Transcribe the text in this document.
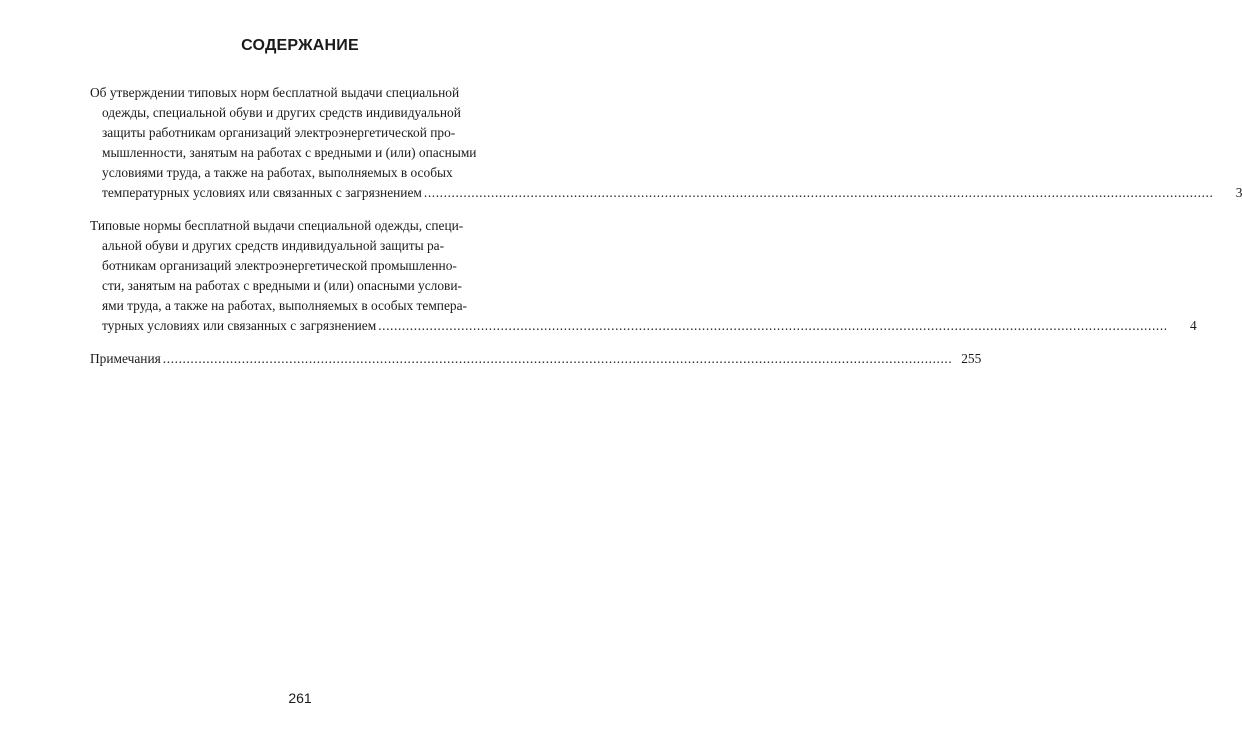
СОДЕРЖАНИЕ
Об утверждении типовых норм бесплатной выдачи специальной
одежды, специальной обуви и других средств индивидуальной
защиты работникам организаций электроэнергетической про-
мышленности, занятым на работах с вредными и (или) опасными
условиями труда, а также на работах, выполняемых в особых
температурных условиях или связанных с загрязнением ........................................................................................................................................................................................................	3
Типовые нормы бесплатной выдачи специальной одежды, специ-
альной обуви и других средств индивидуальной защиты ра-
ботникам организаций электроэнергетической промышленно-
сти, занятым на работах с вредными и (или) опасными услови-
ями труда, а также на работах, выполняемых в особых темпера-
турных условиях или связанных с загрязнением ........................................................................................................................................................................................................	4
Примечания ........................................................................................................................................................................................................ 255
261
